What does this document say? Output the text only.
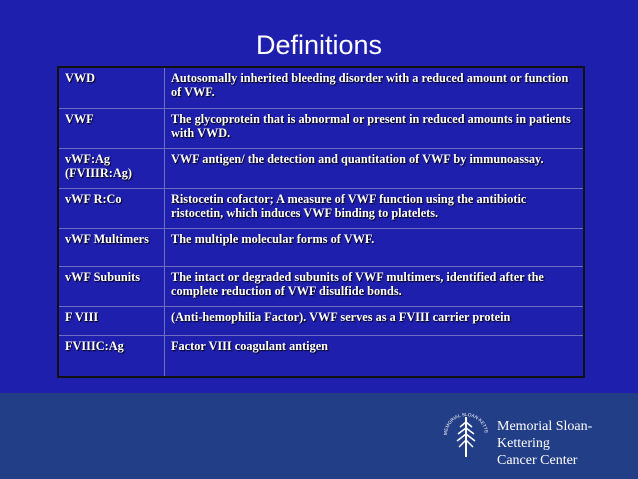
Definitions
VWD	Autosomally inherited bleeding disorder with a reduced amount or function of VWF.
VWF	The glycoprotein that is abnormal or present in reduced amounts in patients with VWD.
vWF:Ag (FVIIIR:Ag)	VWF antigen/ the detection and quantitation of VWF by immunoassay.
vWF R:Co	Ristocetin cofactor; A measure of VWF function using the antibiotic ristocetin, which induces VWF binding to platelets.
vWF Multimers	The multiple molecular forms of VWF.
vWF Subunits	The intact or degraded subunits of VWF multimers, identified after the complete reduction of VWF disulfide bonds.
F VIII	(Anti-hemophilia Factor). VWF serves as a FVIII carrier protein
FVIIIC:Ag	Factor VIII coagulant antigen
MEMORIAL SLOAN-KETTE Memorial Sloan-Kettering
Cancer Center
